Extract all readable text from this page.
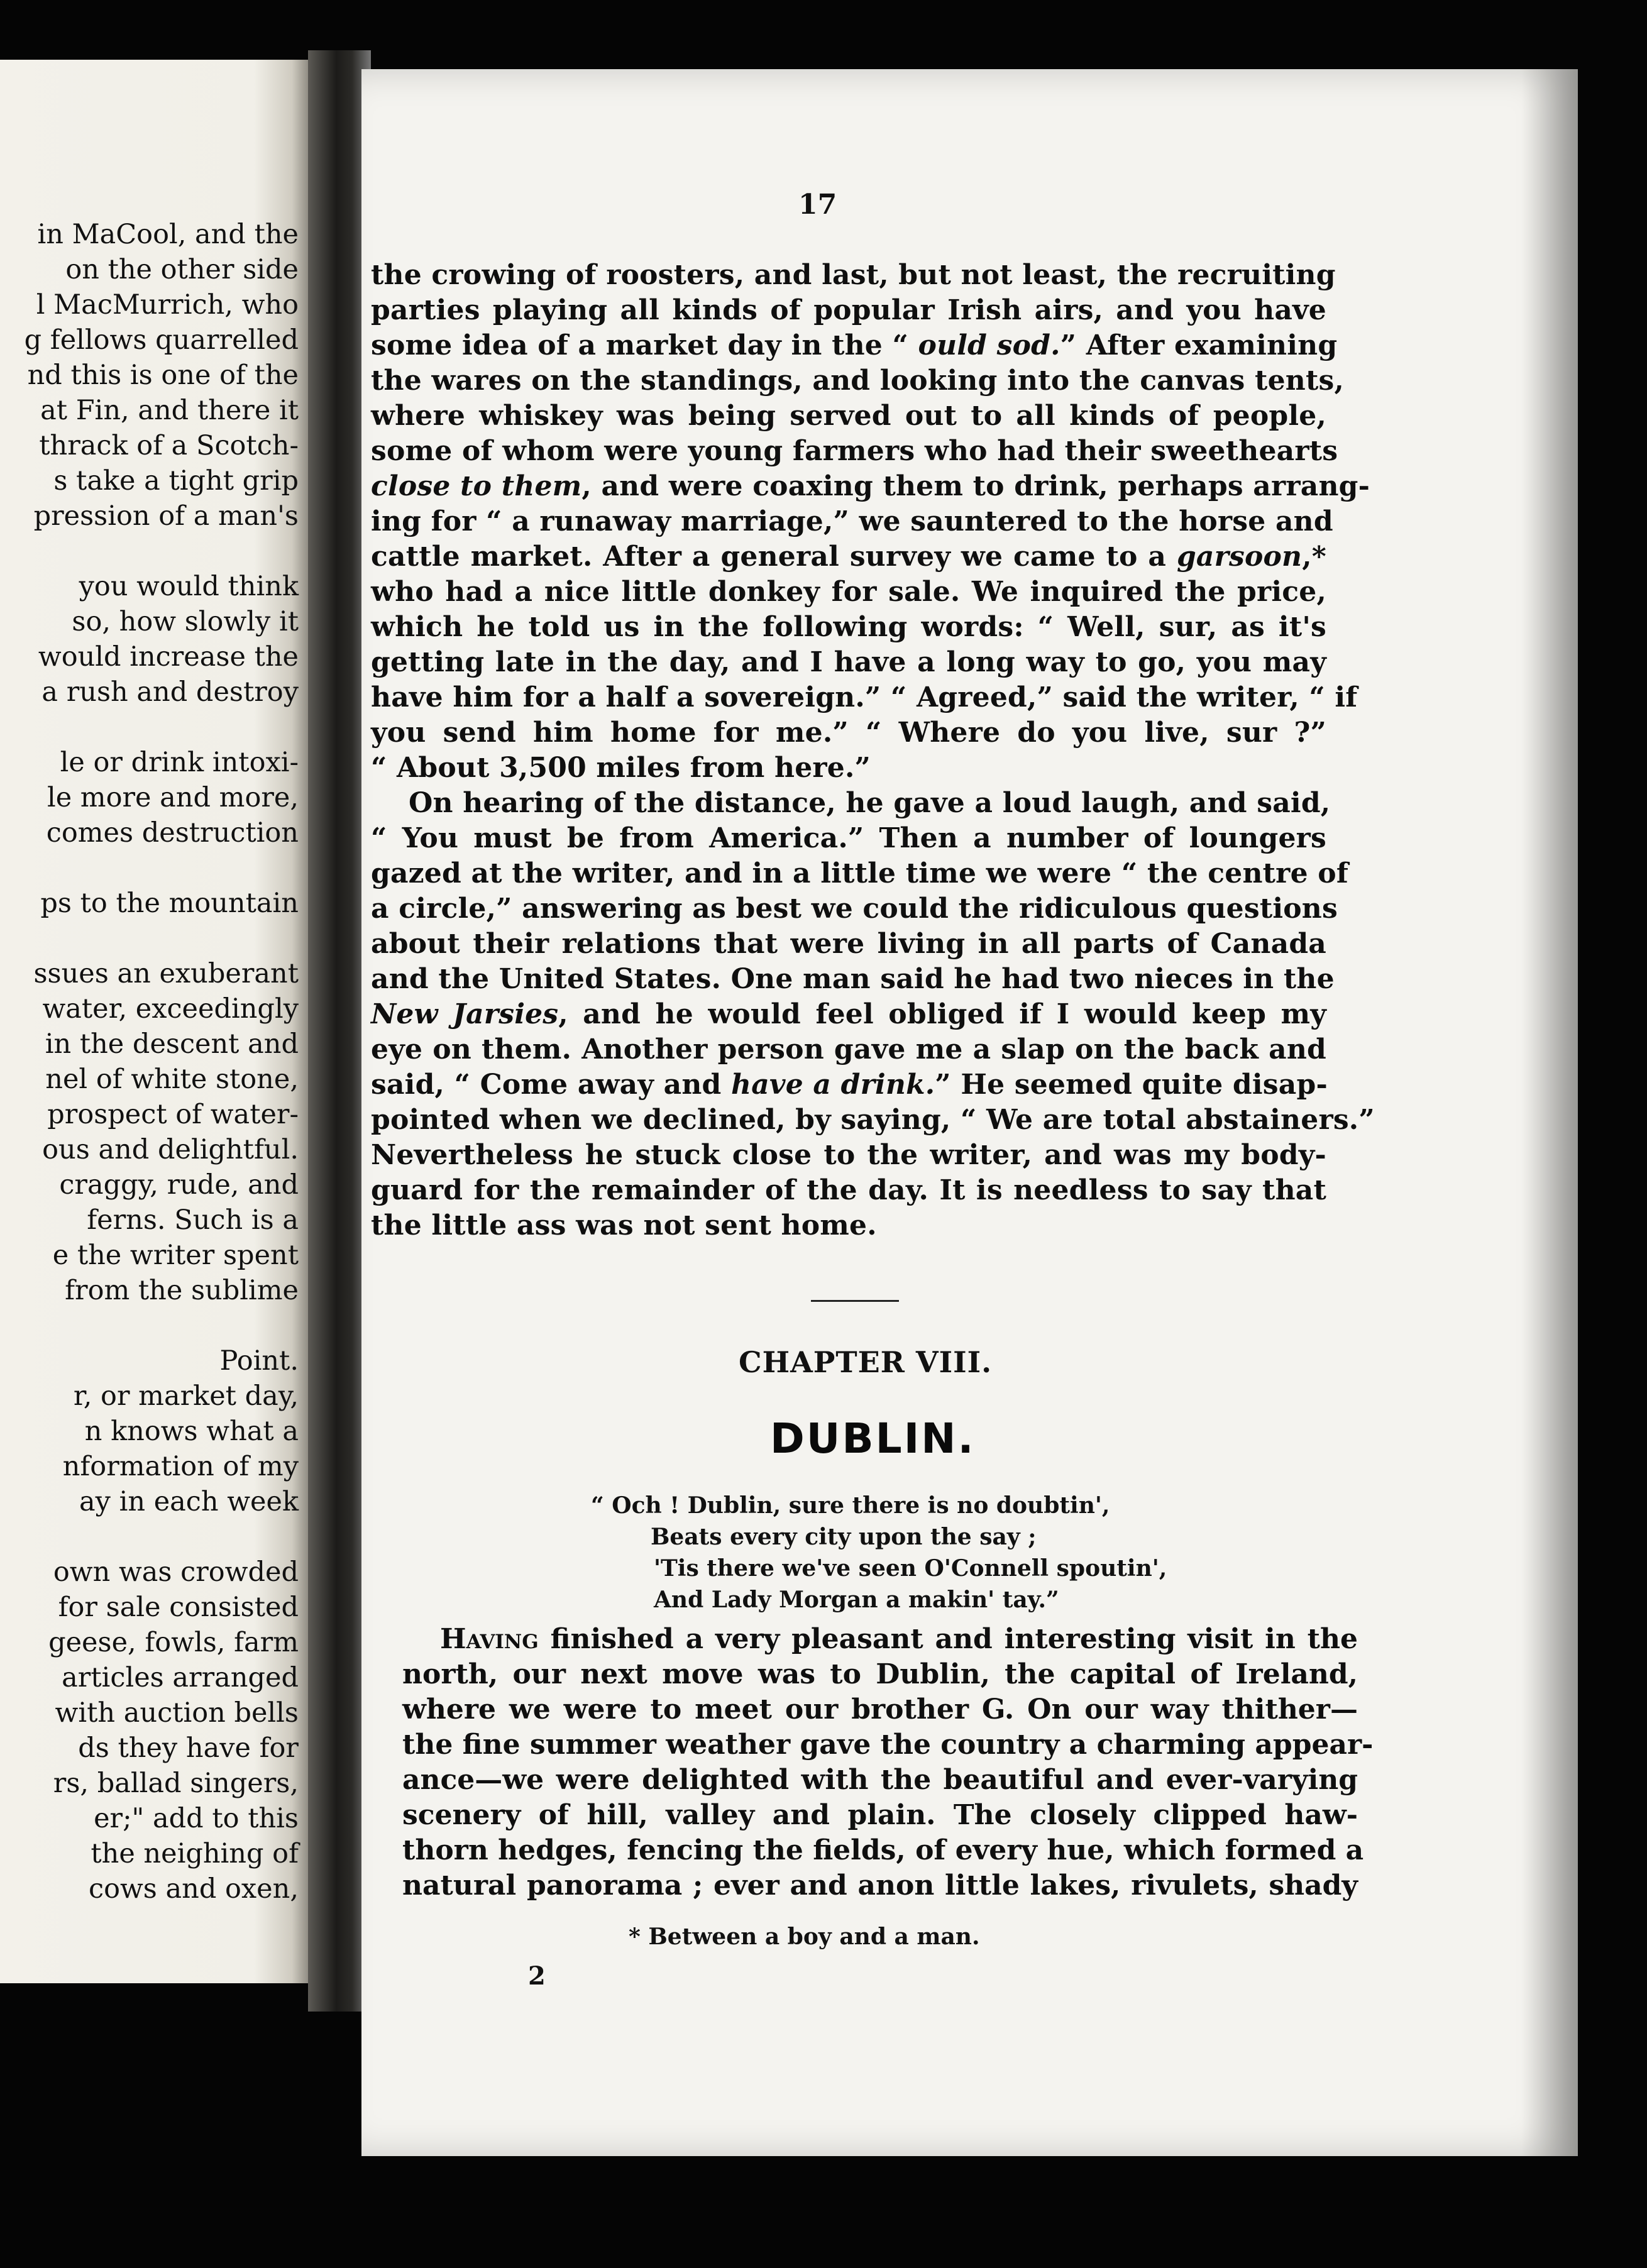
in MaCool, and the
on the other side
l MacMurrich, who
g fellows quarrelled
nd this is one of the
at Fin, and there it
thrack of a Scotch-
s take a tight grip
pression of a man's
you would think
so, how slowly it
would increase the
a rush and destroy
le or drink intoxi-
le more and more,
comes destruction
ps to the mountain
ssues an exuberant
water, exceedingly
in the descent and
nel of white stone,
prospect of water-
ous and delightful.
craggy, rude, and
ferns. Such is a
e the writer spent
from the sublime
Point.
r, or market day,
n knows what a
nformation of my
ay in each week
own was crowded
for sale consisted
geese, fowls, farm
articles arranged
with auction bells
ds they have for
rs, ballad singers,
er;" add to this
the neighing of
cows and oxen,
17
the crowing of roosters, and last, but not least, the recruiting
parties playing all kinds of popular Irish airs, and you have
some idea of a market day in the “ ould sod.” After examining
the wares on the standings, and looking into the canvas tents,
where whiskey was being served out to all kinds of people,
some of whom were young farmers who had their sweethearts
close to them, and were coaxing them to drink, perhaps arrang-
ing for “ a runaway marriage,” we sauntered to the horse and
cattle market. After a general survey we came to a garsoon,*
who had a nice little donkey for sale. We inquired the price,
which he told us in the following words: “ Well, sur, as it's
getting late in the day, and I have a long way to go, you may
have him for a half a sovereign.” “ Agreed,” said the writer, “ if
you send him home for me.” “ Where do you live, sur ?”
“ About 3,500 miles from here.”
On hearing of the distance, he gave a loud laugh, and said,
“ You must be from America.” Then a number of loungers
gazed at the writer, and in a little time we were “ the centre of
a circle,” answering as best we could the ridiculous questions
about their relations that were living in all parts of Canada
and the United States. One man said he had two nieces in the
New Jarsies, and he would feel obliged if I would keep my
eye on them. Another person gave me a slap on the back and
said, “ Come away and have a drink.” He seemed quite disap-
pointed when we declined, by saying, “ We are total abstainers.”
Nevertheless he stuck close to the writer, and was my body-
guard for the remainder of the day. It is needless to say that
the little ass was not sent home.
CHAPTER VIII.
DUBLIN.
“ Och ! Dublin, sure there is no doubtin',
Beats every city upon the say ;
'Tis there we've seen O'Connell spoutin',
And Lady Morgan a makin' tay.”
Having finished a very pleasant and interesting visit in the
north, our next move was to Dublin, the capital of Ireland,
where we were to meet our brother G. On our way thither—
the fine summer weather gave the country a charming appear-
ance—we were delighted with the beautiful and ever-varying
scenery of hill, valley and plain. The closely clipped haw-
thorn hedges, fencing the fields, of every hue, which formed a
natural panorama ; ever and anon little lakes, rivulets, shady
* Between a boy and a man.
2
